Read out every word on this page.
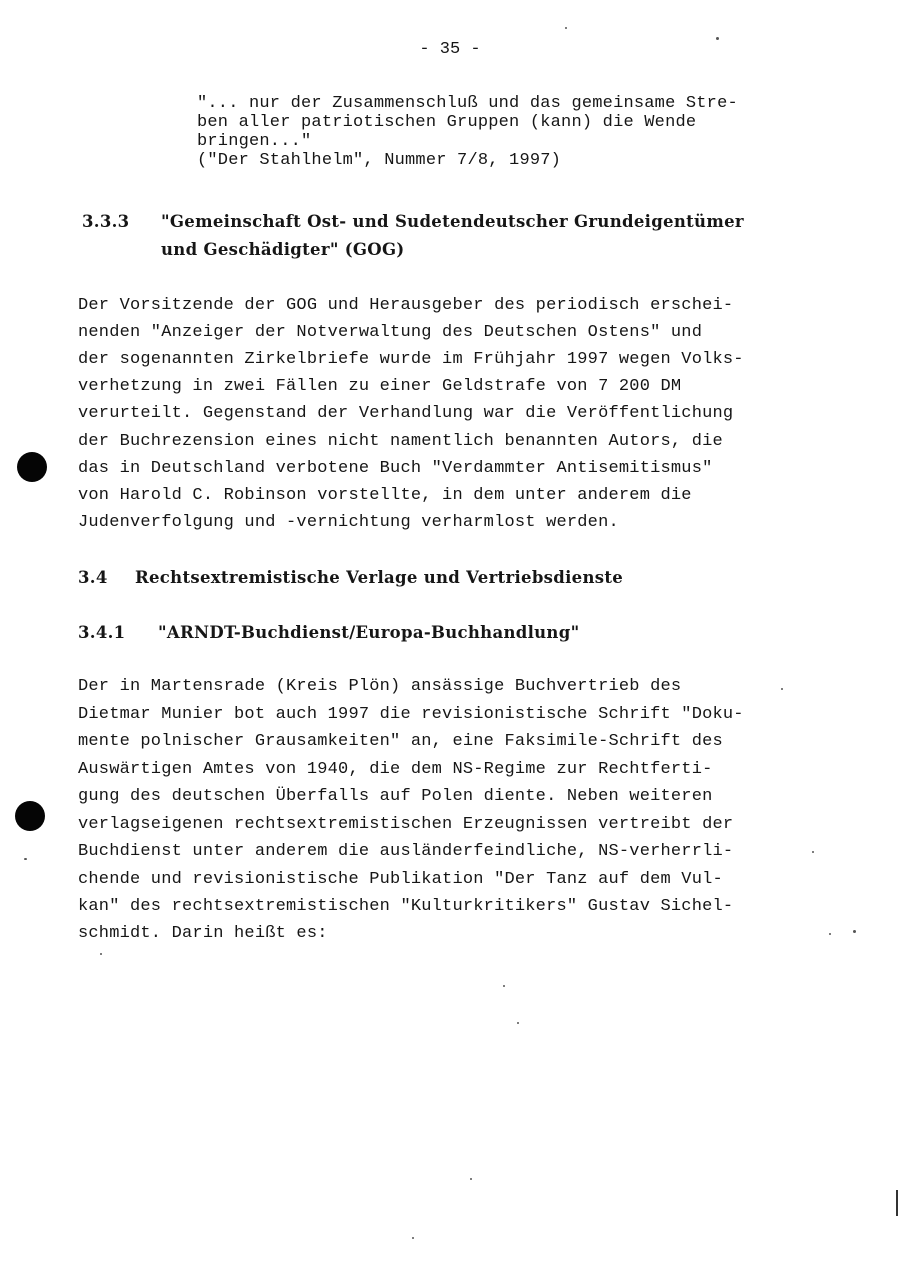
- 35 -
"... nur der Zusammenschluß und das gemeinsame Stre-
ben aller patriotischen Gruppen (kann) die Wende
bringen..."
("Der Stahlhelm", Nummer 7/8, 1997)
3.3.3 "Gemeinschaft Ost- und Sudetendeutscher Grundeigentümer
und Geschädigter" (GOG)
Der Vorsitzende der GOG und Herausgeber des periodisch erschei-
nenden "Anzeiger der Notverwaltung des Deutschen Ostens" und
der sogenannten Zirkelbriefe wurde im Frühjahr 1997 wegen Volks-
verhetzung in zwei Fällen zu einer Geldstrafe von 7 200 DM
verurteilt. Gegenstand der Verhandlung war die Veröffentlichung
der Buchrezension eines nicht namentlich benannten Autors, die
das in Deutschland verbotene Buch "Verdammter Antisemitismus"
von Harold C. Robinson vorstellte, in dem unter anderem die
Judenverfolgung und -vernichtung verharmlost werden.
3.4 Rechtsextremistische Verlage und Vertriebsdienste
3.4.1 "ARNDT-Buchdienst/Europa-Buchhandlung"
Der in Martensrade (Kreis Plön) ansässige Buchvertrieb des
Dietmar Munier bot auch 1997 die revisionistische Schrift "Doku-
mente polnischer Grausamkeiten" an, eine Faksimile-Schrift des
Auswärtigen Amtes von 1940, die dem NS-Regime zur Rechtferti-
gung des deutschen Überfalls auf Polen diente. Neben weiteren
verlagseigenen rechtsextremistischen Erzeugnissen vertreibt der
Buchdienst unter anderem die ausländerfeindliche, NS-verherrli-
chende und revisionistische Publikation "Der Tanz auf dem Vul-
kan" des rechtsextremistischen "Kulturkritikers" Gustav Sichel-
schmidt. Darin heißt es:
